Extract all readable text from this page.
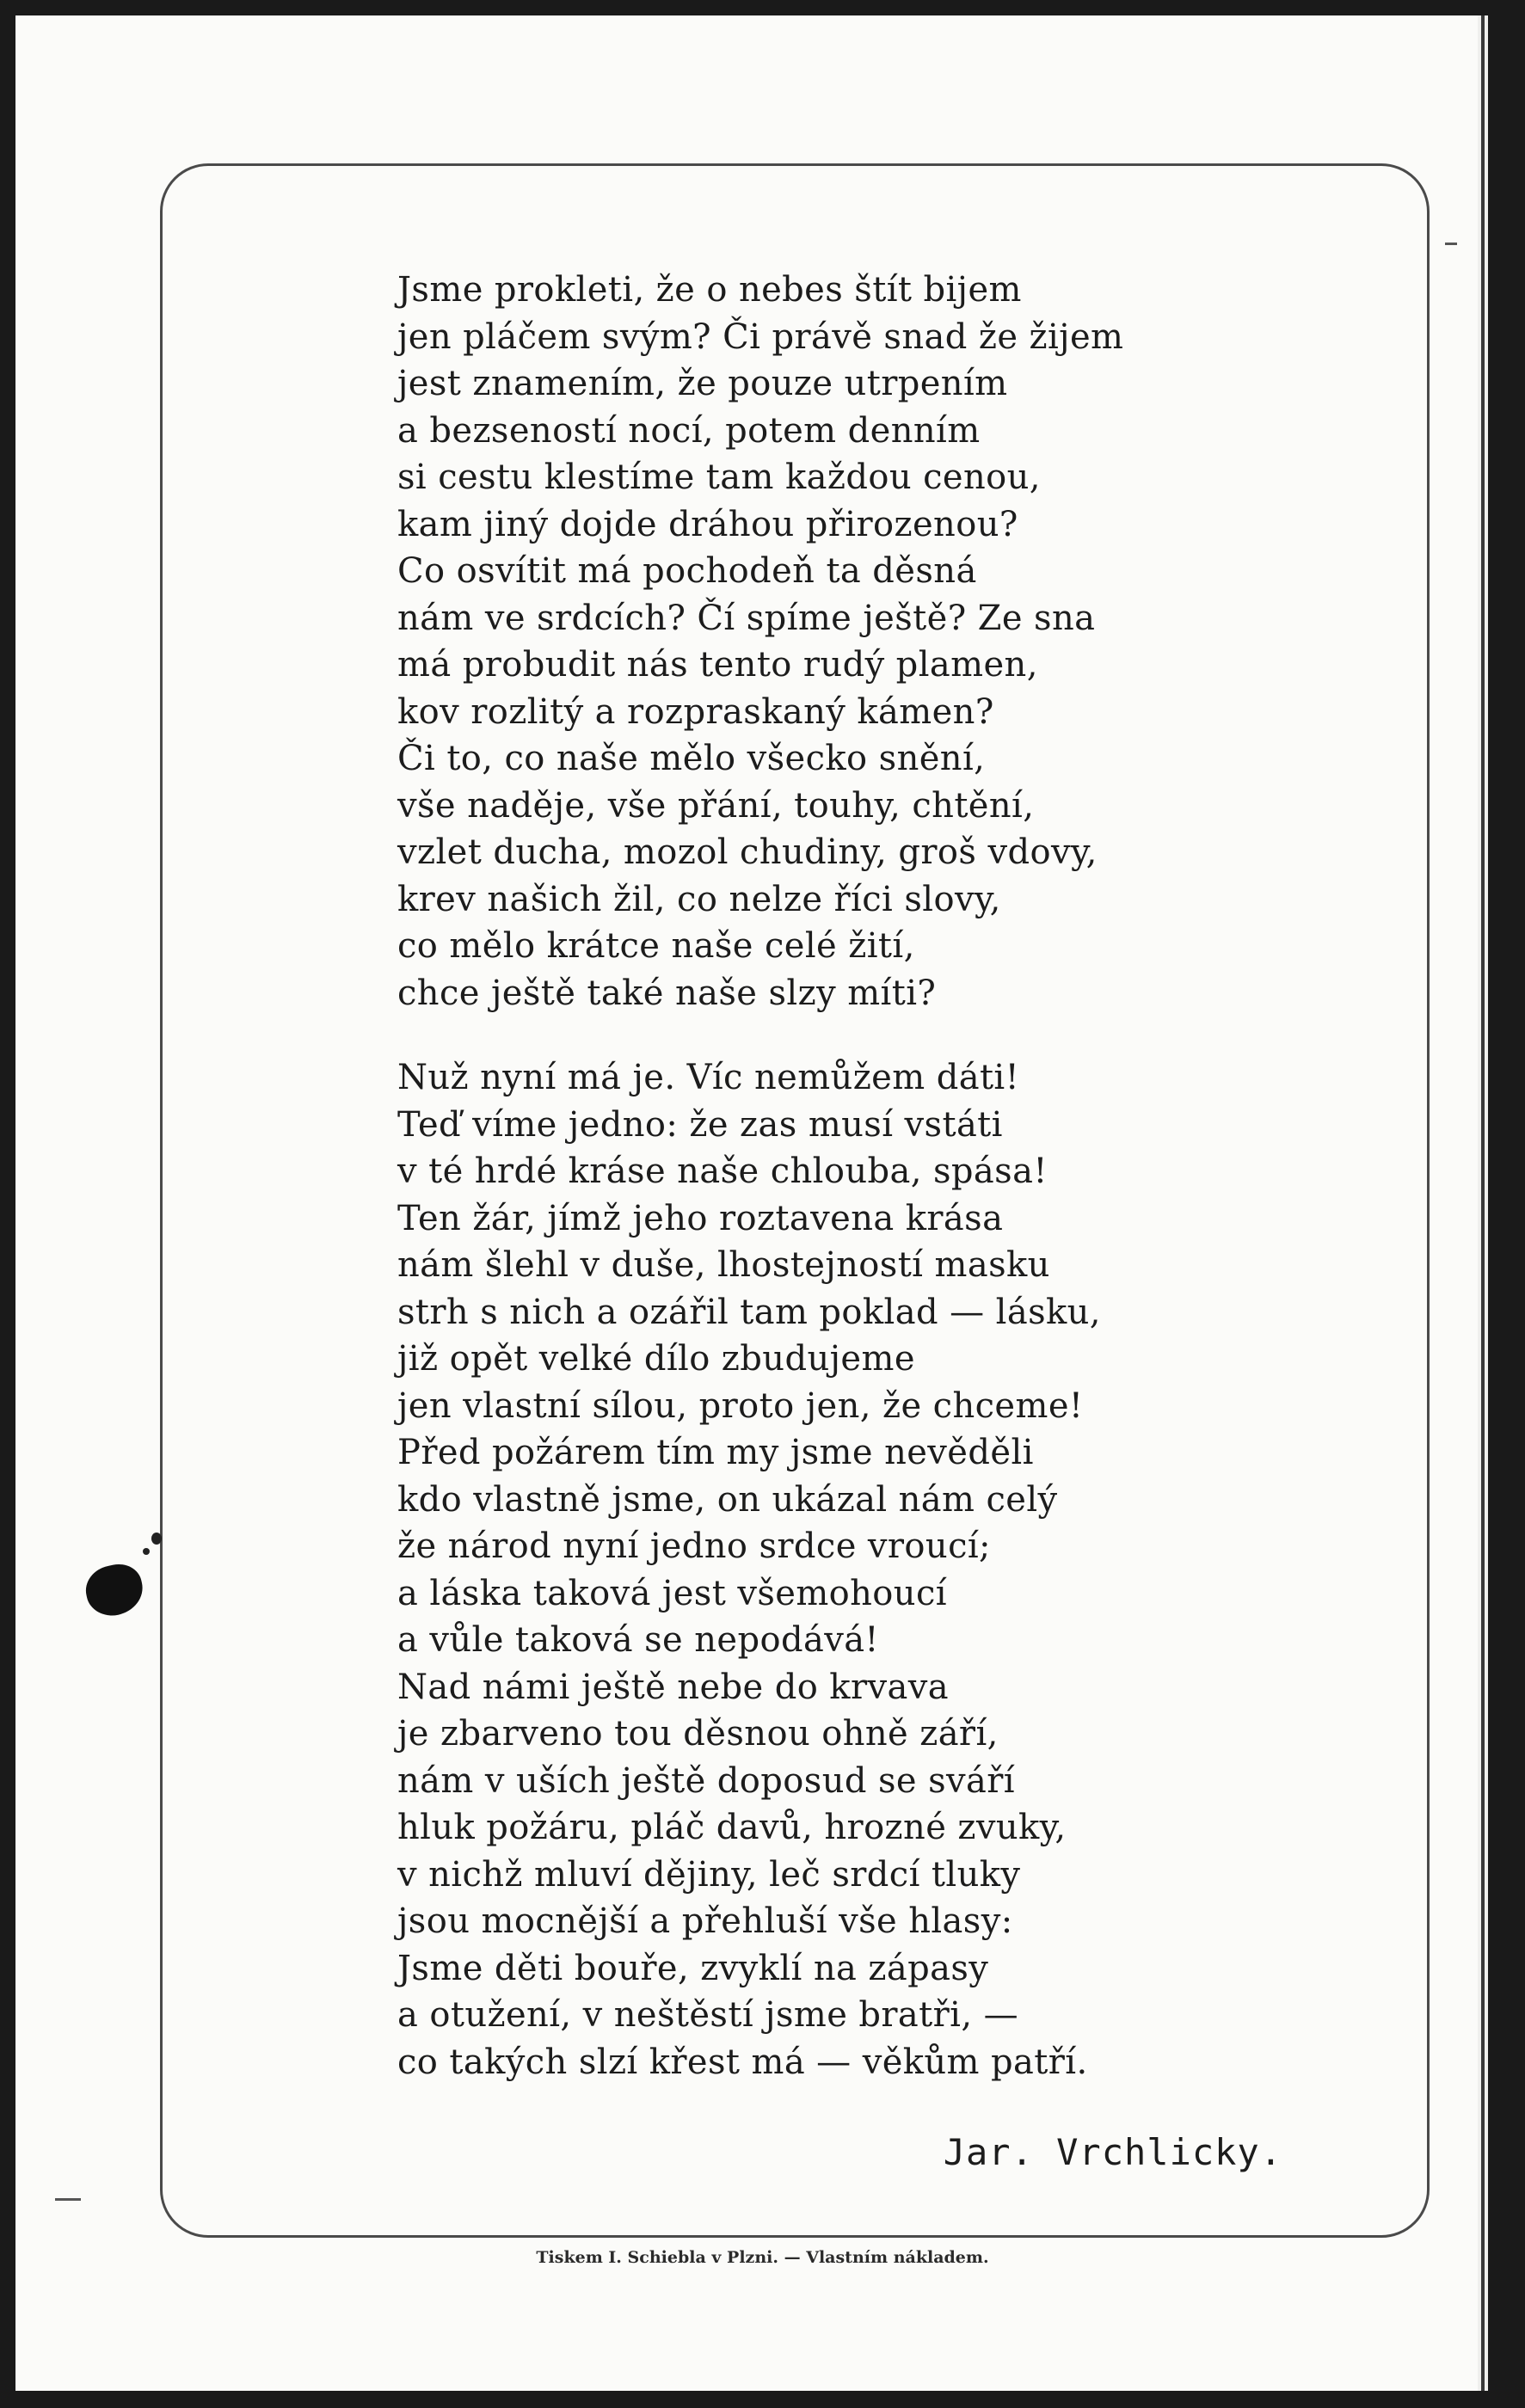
Jsme prokleti, že o nebes štít bijem
jen pláčem svým? Či právě snad že žijem
jest znamením, že pouze utrpením
a bezseností nocí, potem denním
si cestu klestíme tam každou cenou,
kam jiný dojde dráhou přirozenou?
Co osvítit má pochodeň ta děsná
nám ve srdcích? Čí spíme ještě? Ze sna
má probudit nás tento rudý plamen,
kov rozlitý a rozpraskaný kámen?
Či to, co naše mělo všecko snění,
vše naděje, vše přání, touhy, chtění,
vzlet ducha, mozol chudiny, groš vdovy,
krev našich žil, co nelze říci slovy,
co mělo krátce naše celé žití,
chce ještě také naše slzy míti?
Nuž nyní má je. Víc nemůžem dáti!
Teď víme jedno: že zas musí vstáti
v té hrdé kráse naše chlouba, spása!
Ten žár, jímž jeho roztavena krása
nám šlehl v duše, lhostejností masku
strh s nich a ozářil tam poklad — lásku,
již opět velké dílo zbudujeme
jen vlastní sílou, proto jen, že chceme!
Před požárem tím my jsme nevěděli
kdo vlastně jsme, on ukázal nám celý
že národ nyní jedno srdce vroucí;
a láska taková jest všemohoucí
a vůle taková se nepodává!
Nad námi ještě nebe do krvava
je zbarveno tou děsnou ohně září,
nám v uších ještě doposud se sváří
hluk požáru, pláč davů, hrozné zvuky,
v nichž mluví dějiny, leč srdcí tluky
jsou mocnější a přehluší vše hlasy:
Jsme děti bouře, zvyklí na zápasy
a otužení, v neštěstí jsme bratři, —
co takých slzí křest má — věkům patří.
Jar. Vrchlicky.
Tiskem I. Schiebla v Plzni. — Vlastním nákladem.
